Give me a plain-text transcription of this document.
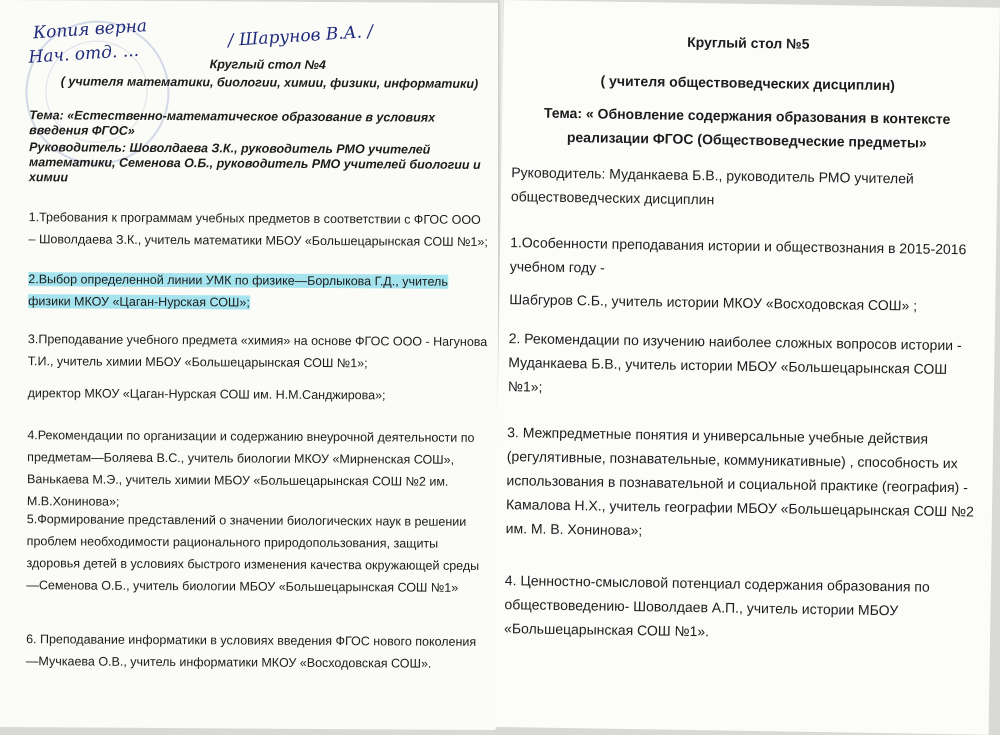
Копия верна
Нач. отд. ...
/ Шарунов В.А. /
Круглый стол №4
( учителя математики, биологии, химии, физики, информатики)
Тема: «Естественно-математическое образование в условиях введения ФГОС»
Руководитель: Шоволдаева З.К., руководитель РМО учителей математики, Семенова О.Б., руководитель РМО учителей биологии и химии
1.Требования к программам учебных предметов в соответствии с ФГОС ООО – Шоволдаева З.К., учитель математики МБОУ «Большецарынская СОШ №1»;
2.Выбор определенной линии УМК по физике—Борлыкова Г.Д., учитель физики МКОУ «Цаган-Нурская СОШ»;
3.Преподавание учебного предмета «химия» на основе ФГОС ООО - Нагунова Т.И., учитель химии МБОУ «Большецарынская СОШ №1»;
директор МКОУ «Цаган-Нурская СОШ им. Н.М.Санджирова»;
4.Рекомендации по организации и содержанию внеурочной деятельности по предметам—Боляева В.С., учитель биологии МКОУ «Мирненская СОШ», Ванькаева М.Э., учитель химии МБОУ «Большецарынская СОШ №2 им. М.В.Хонинова»;
5.Формирование представлений о значении биологических наук в решении проблем необходимости рационального природопользования, защиты здоровья детей в условиях быстрого изменения качества окружающей среды—Семенова О.Б., учитель биологии МБОУ «Большецарынская СОШ №1»
6. Преподавание информатики в условиях введения ФГОС нового поколения—Мучкаева О.В., учитель информатики МКОУ «Восходовская СОШ».
Круглый стол №5
( учителя обществоведческих дисциплин)
Тема: « Обновление содержания образования в контексте реализации ФГОС (Обществоведческие предметы»
Руководитель: Муданкаева Б.В., руководитель РМО учителей обществоведческих дисциплин
1.Особенности преподавания истории и обществознания в 2015-2016 учебном году -
Шабгуров С.Б., учитель истории МКОУ «Восходовская СОШ» ;
2. Рекомендации по изучению наиболее сложных вопросов истории - Муданкаева Б.В., учитель истории МБОУ «Большецарынская СОШ №1»;
3. Межпредметные понятия и универсальные учебные действия (регулятивные, познавательные, коммуникативные) , способность их использования в познавательной и социальной практике (география) - Камалова Н.Х., учитель географии МБОУ «Большецарынская СОШ №2 им. М. В. Хонинова»;
4. Ценностно-смысловой потенциал содержания образования по обществоведению- Шоволдаев А.П., учитель истории МБОУ «Большецарынская СОШ №1».
